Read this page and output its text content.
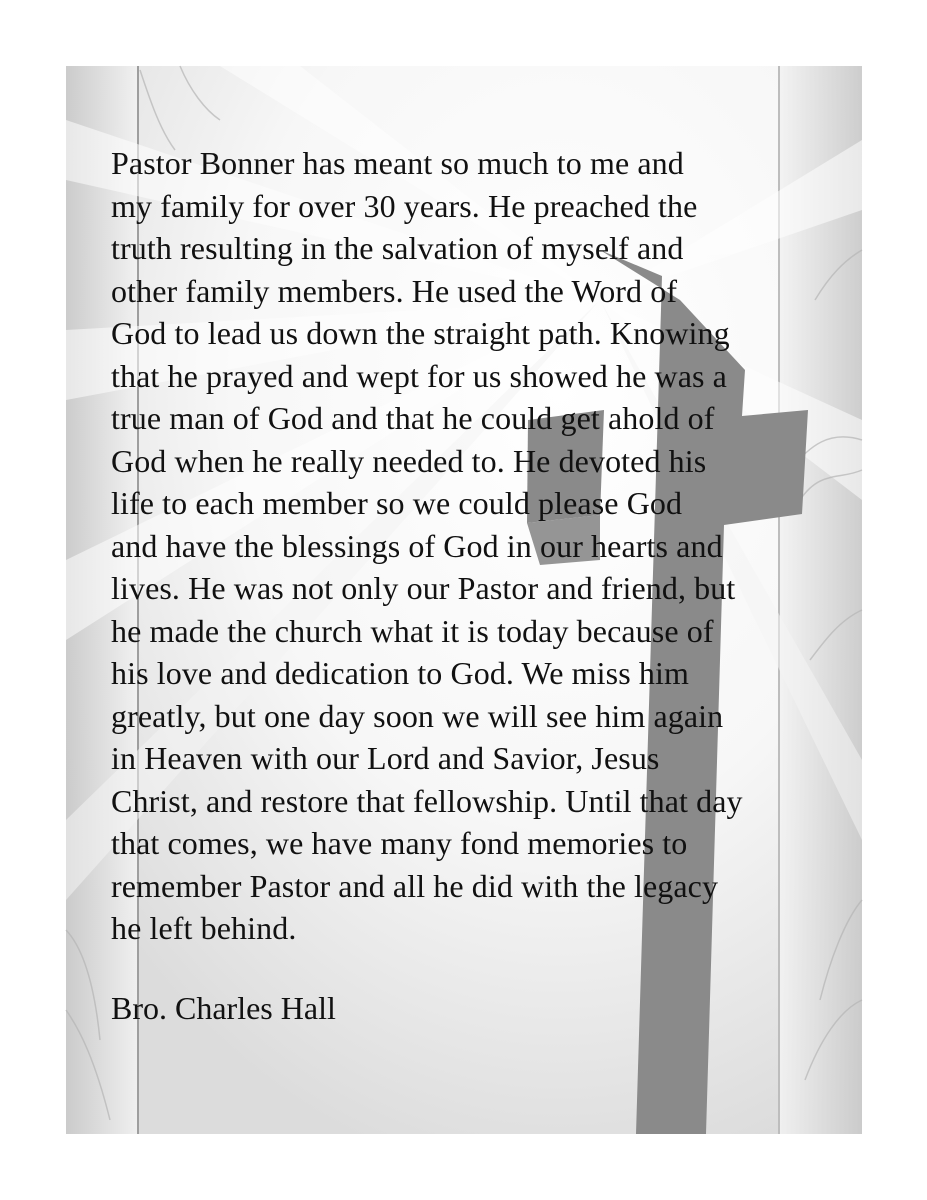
Pastor Bonner has meant so much to me and
my family for over 30 years. He preached the
truth resulting in the salvation of myself and
other family members. He used the Word of
God to lead us down the straight path. Knowing
that he prayed and wept for us showed he was a
true man of God and that he could get ahold of
God when he really needed to. He devoted his
life to each member so we could please God
and have the blessings of God in our hearts and
lives. He was not only our Pastor and friend, but
he made the church what it is today because of
his love and dedication to God. We miss him
greatly, but one day soon we will see him again
in Heaven with our Lord and Savior, Jesus
Christ, and restore that fellowship. Until that day
that comes, we have many fond memories to
remember Pastor and all he did with the legacy
he left behind.

Bro. Charles Hall
